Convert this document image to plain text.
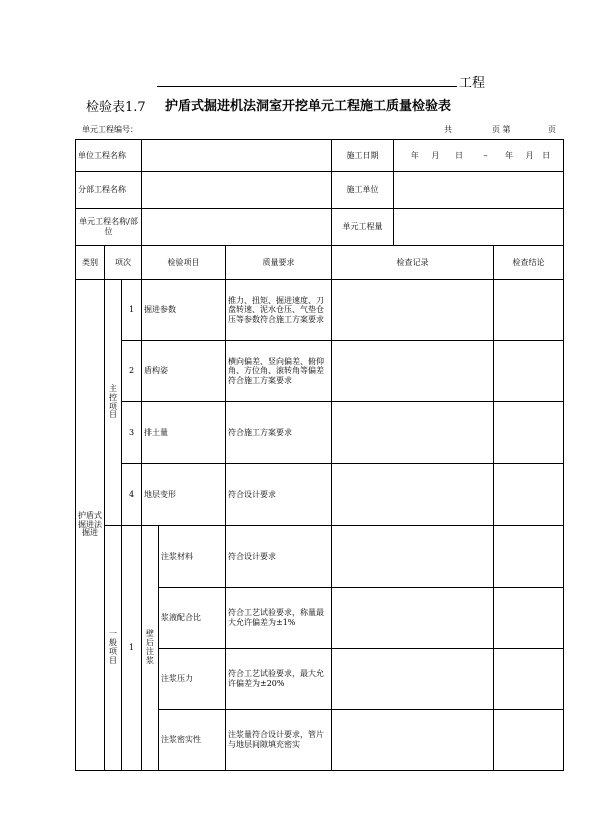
工程
检验表1.7 护盾式掘进机法洞室开挖单元工程施工质量检验表
单元工程编号：	共	页 第	页
单位工程名称						施工日期	年 月 日 – 年 月 日	
分部工程名称						施工单位		
单元工程名称/部位						单元工程量		
类别	项次		检验项目		质量要求	检查记录		检查结论

护盾式掘进法掘进	主控项目	1	掘进参数		推力、扭矩、掘进速度、刀盘转速、泥水仓压、气垫仓压等参数符合施工方案要求			
		2	盾构姿		横向偏差、竖向偏差、俯仰角、方位角、滚转角等偏差符合施工方案要求			
		3	排土量		符合施工方案要求			
		4	地层变形		符合设计要求			

	一般项目	1	壁后注浆	注浆材料	符合设计要求			
				浆液配合比	符合工艺试验要求，称量最大允许偏差为±1%			
				注浆压力	符合工艺试验要求，最大允许偏差为±20%			
				注浆密实性	注浆量符合设计要求，管片与地层间隙填充密实			
